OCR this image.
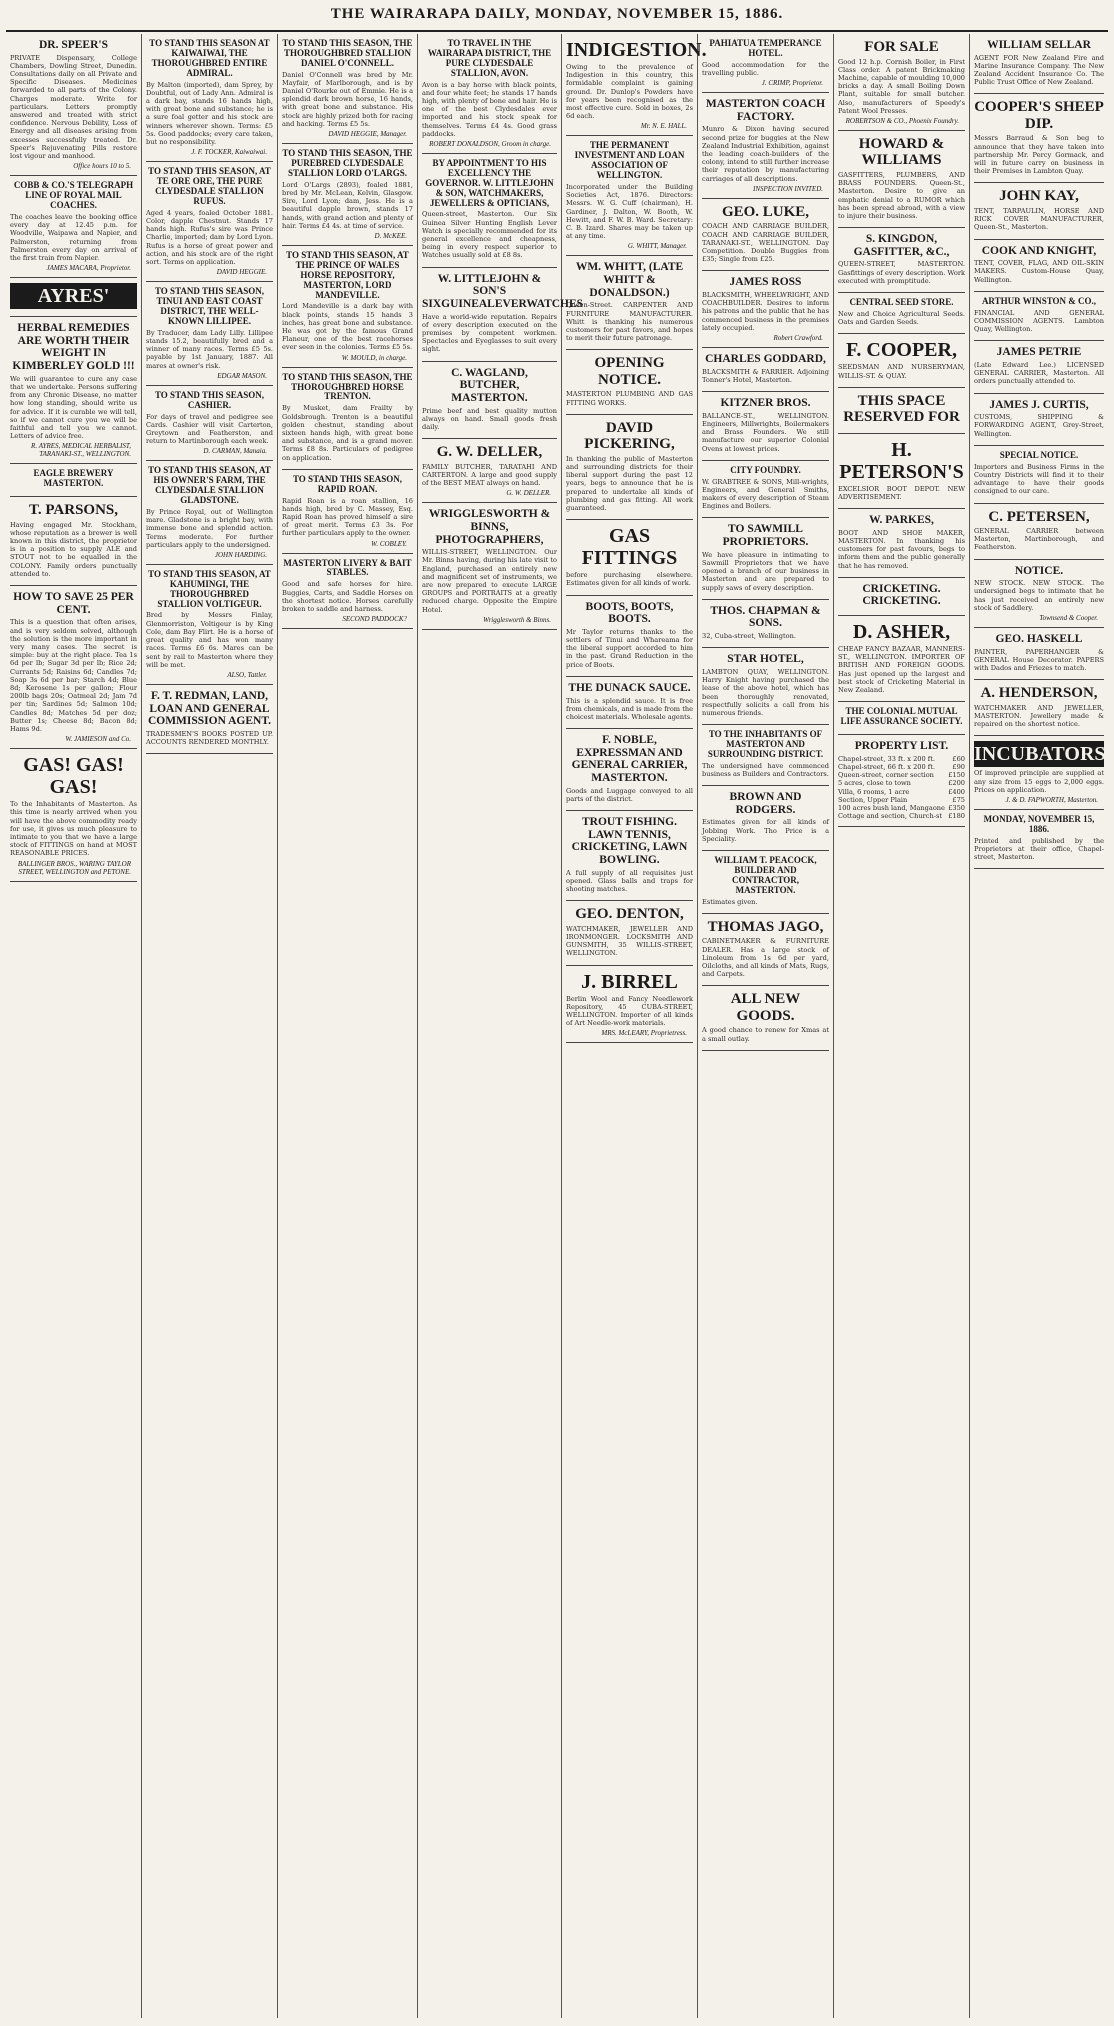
THE WAIRARAPA DAILY, MONDAY, NOVEMBER 15, 1886.
DR. SPEER'S
PRIVATE Dispensary, College Chambers, Dowling Street, Dunedin. Consultations daily on all Private and Specific Diseases. Medicines forwarded to all parts of the Colony. Charges moderate. Write for particulars. Letters promptly answered and treated with strict confidence. Nervous Debility, Loss of Energy and all diseases arising from excesses successfully treated. Dr. Speer's Rejuvenating Pills restore lost vigour and manhood.
Office hours 10 to 5.
COBB & CO.'S TELEGRAPH LINE OF ROYAL MAIL COACHES.
The coaches leave the booking office every day at 12.45 p.m. for Woodville, Waipawa and Napier, and Palmerston, returning from Palmerston every day on arrival of the first train from Napier.
JAMES MACARA, Proprietor.
AYRES'
HERBAL REMEDIES ARE WORTH THEIR WEIGHT IN KIMBERLEY GOLD !!!
We will guarantee to cure any case that we undertake. Persons suffering from any Chronic Disease, no matter how long standing, should write us for advice. If it is curable we will tell, so if we cannot cure you we will be faithful and tell you we cannot. Letters of advice free.
R. AYRES, MEDICAL HERBALIST, TARANAKI-ST., WELLINGTON.
EAGLE BREWERY MASTERTON.
T. PARSONS,
Having engaged Mr. Stockham, whose reputation as a brewer is well known in this district, the proprietor is in a position to supply ALE and STOUT not to be equalled in the COLONY. Family orders punctually attended to.
HOW TO SAVE 25 PER CENT.
This is a question that often arises, and is very seldom solved, although the solution is the more important in very many cases. The secret is simple: buy at the right place. Tea 1s 6d per lb; Sugar 3d per lb; Rice 2d; Currants 5d; Raisins 6d; Candles 7d; Soap 3s 6d per bar; Starch 4d; Blue 8d; Kerosene 1s per gallon; Flour 200lb bags 20s; Oatmeal 2d; Jam 7d per tin; Sardines 5d; Salmon 10d; Candles 8d; Matches 5d per doz; Butter 1s; Cheese 8d; Bacon 8d; Hams 9d.
W. JAMIESON and Co.
GAS! GAS! GAS!
To the Inhabitants of Masterton. As this time is nearly arrived when you will have the above commodity ready for use, it gives us much pleasure to intimate to you that we have a large stock of FITTINGS on hand at MOST REASONABLE PRICES.
BALLINGER BROS., WARING TAYLOR STREET, WELLINGTON and PETONE.
TO STAND THIS SEASON AT KAIWAIWAI, THE THOROUGHBRED ENTIRE ADMIRAL.
By Malton (imported), dam Sprey, by Doubtful, out of Lady Ann. Admiral is a dark bay, stands 16 hands high, with great bone and substance; he is a sure foal getter and his stock are winners wherever shown. Terms: £5 5s. Good paddocks; every care taken, but no responsibility.
J. F. TOCKER, Kaiwaiwai.
TO STAND THIS SEASON, AT TE ORE ORE, THE PURE CLYDESDALE STALLION RUFUS.
Aged 4 years, foaled October 1881. Color, dapple Chestnut. Stands 17 hands high. Rufus's sire was Prince Charlie, imported; dam by Lord Lyon. Rufus is a horse of great power and action, and his stock are of the right sort. Terms on application.
DAVID HEGGIE.
TO STAND THIS SEASON, TINUI AND EAST COAST DISTRICT, THE WELL-KNOWN LILLIPEE.
By Traducer, dam Lady Lilly. Lillipee stands 15.2, beautifully bred and a winner of many races. Terms £5 5s. payable by 1st January, 1887. All mares at owner's risk.
EDGAR MASON.
TO STAND THIS SEASON, CASHIER.
For days of travel and pedigree see Cards. Cashier will visit Carterton, Greytown and Featherston, and return to Martinborough each week.
D. CARMAN, Manaia.
TO STAND THIS SEASON, AT HIS OWNER'S FARM, THE CLYDESDALE STALLION GLADSTONE.
By Prince Royal, out of Wellington mare. Gladstone is a bright bay, with immense bone and splendid action. Terms moderate. For further particulars apply to the undersigned.
JOHN HARDING.
TO STAND THIS SEASON, AT KAHUMINGI, THE THOROUGHBRED STALLION VOLTIGEUR.
Bred by Messrs Finlay, Glenmorriston, Voltigeur is by King Cole, dam Bay Flirt. He is a horse of great quality and has won many races. Terms £6 6s. Mares can be sent by rail to Masterton where they will be met.
ALSO, Tattler.
F. T. REDMAN, LAND, LOAN AND GENERAL COMMISSION AGENT.
TRADESMEN'S BOOKS POSTED UP. ACCOUNTS RENDERED MONTHLY.
TO STAND THIS SEASON, THE THOROUGHBRED STALLION DANIEL O'CONNELL.
Daniel O'Connell was bred by Mr. Mayfair, of Marlborough, and is by Daniel O'Rourke out of Emmie. He is a splendid dark brown horse, 16 hands, with great bone and substance. His stock are highly prized both for racing and hacking. Terms £5 5s.
DAVID HEGGIE, Manager.
TO STAND THIS SEASON, THE PUREBRED CLYDESDALE STALLION LORD O'LARGS.
Lord O'Largs (2893), foaled 1881, bred by Mr. McLean, Kelvin, Glasgow. Sire, Lord Lyon; dam, Jess. He is a beautiful dapple brown, stands 17 hands, with grand action and plenty of hair. Terms £4 4s. at time of service.
D. McKEE.
TO STAND THIS SEASON, AT THE PRINCE OF WALES HORSE REPOSITORY, MASTERTON, LORD MANDEVILLE.
Lord Mandeville is a dark bay with black points, stands 15 hands 3 inches, has great bone and substance. He was got by the famous Grand Flaneur, one of the best racehorses ever seen in the colonies. Terms £5 5s.
W. MOULD, in charge.
TO STAND THIS SEASON, THE THOROUGHBRED HORSE TRENTON.
By Musket, dam Frailty by Goldsbrough. Trenton is a beautiful golden chestnut, standing about sixteen hands high, with great bone and substance, and is a grand mover. Terms £8 8s. Particulars of pedigree on application.
TO STAND THIS SEASON, RAPID ROAN.
Rapid Roan is a roan stallion, 16 hands high, bred by C. Massey, Esq. Rapid Roan has proved himself a sire of great merit. Terms £3 3s. For further particulars apply to the owner.
W. COBLEY.
MASTERTON LIVERY & BAIT STABLES.
Good and safe horses for hire. Buggies, Carts, and Saddle Horses on the shortest notice. Horses carefully broken to saddle and harness.
SECOND PADDOCK?
TO TRAVEL IN THE WAIRARAPA DISTRICT, THE PURE CLYDESDALE STALLION, AVON.
Avon is a bay horse with black points, and four white feet; he stands 17 hands high, with plenty of bone and hair. He is one of the best Clydesdales ever imported and his stock speak for themselves. Terms £4 4s. Good grass paddocks.
ROBERT DONALDSON, Groom in charge.
BY APPOINTMENT TO HIS EXCELLENCY THE GOVERNOR. W. LITTLEJOHN & SON, WATCHMAKERS, JEWELLERS & OPTICIANS,
Queen-street, Masterton. Our Six Guinea Silver Hunting English Lever Watch is specially recommended for its general excellence and cheapness, being in every respect superior to Watches usually sold at £8 8s.
W. LITTLEJOHN & SON'S SIXGUINEALEVERWATCHES
Have a world-wide reputation. Repairs of every description executed on the premises by competent workmen. Spectacles and Eyeglasses to suit every sight.
C. WAGLAND, BUTCHER, MASTERTON.
Prime beef and best quality mutton always on hand. Small goods fresh daily.
G. W. DELLER,
FAMILY BUTCHER, TARATAHI AND CARTERTON. A large and good supply of the BEST MEAT always on hand.
G. W. DELLER.
WRIGGLESWORTH & BINNS, PHOTOGRAPHERS,
WILLIS-STREET, WELLINGTON. Our Mr. Binns having, during his late visit to England, purchased an entirely new and magnificent set of instruments, we are now prepared to execute LARGE GROUPS and PORTRAITS at a greatly reduced charge. Opposite the Empire Hotel.
Wrigglesworth & Binns.
INDIGESTION.
Owing to the prevalence of Indigestion in this country, this formidable complaint is gaining ground. Dr. Dunlop's Powders have for years been recognised as the most effective cure. Sold in boxes, 2s 6d each.
Mr. N. E. HALL.
THE PERMANENT INVESTMENT AND LOAN ASSOCIATION OF WELLINGTON.
Incorporated under the Building Societies Act, 1876. Directors: Messrs. W. G. Cuff (chairman), H. Gardiner, J. Dalton, W. Booth, W. Hewitt, and F. W. B. Ward. Secretary: C. B. Izard. Shares may be taken up at any time.
G. WHITT, Manager.
WM. WHITT, (LATE WHITT & DONALDSON.)
Queen-Street. CARPENTER AND FURNITURE MANUFACTURER. Whitt is thanking his numerous customers for past favors, and hopes to merit their future patronage.
OPENING NOTICE.
MASTERTON PLUMBING AND GAS FITTING WORKS.
DAVID PICKERING,
In thanking the public of Masterton and surrounding districts for their liberal support during the past 12 years, begs to announce that he is prepared to undertake all kinds of plumbing and gas fitting. All work guaranteed.
GAS FITTINGS
before purchasing elsewhere. Estimates given for all kinds of work.
BOOTS, BOOTS, BOOTS.
Mr Taylor returns thanks to the settlers of Tinui and Whareama for the liberal support accorded to him in the past. Grand Reduction in the price of Boots.
THE DUNACK SAUCE.
This is a splendid sauce. It is free from chemicals, and is made from the choicest materials. Wholesale agents.
F. NOBLE, EXPRESSMAN AND GENERAL CARRIER, MASTERTON.
Goods and Luggage conveyed to all parts of the district.
TROUT FISHING. LAWN TENNIS, CRICKETING, LAWN BOWLING.
A full supply of all requisites just opened. Glass balls and traps for shooting matches.
GEO. DENTON,
WATCHMAKER, JEWELLER AND IRONMONGER. LOCKSMITH AND GUNSMITH, 35 WILLIS-STREET, WELLINGTON.
J. BIRREL
Berlin Wool and Fancy Needlework Repository, 45 CUBA-STREET, WELLINGTON. Importer of all kinds of Art Needle-work materials.
MRS. McLEARY, Proprietress.
PAHIATUA TEMPERANCE HOTEL.
Good accommodation for the travelling public.
J. CRIMP, Proprietor.
MASTERTON COACH FACTORY.
Munro & Dixon having secured second prize for buggies at the New Zealand Industrial Exhibition, against the leading coach-builders of the colony, intend to still further increase their reputation by manufacturing carriages of all descriptions.
INSPECTION INVITED.
GEO. LUKE,
COACH AND CARRIAGE BUILDER, COACH AND CARRIAGE BUILDER, TARANAKI-ST., WELLINGTON. Day Competition. Double Buggies from £35; Single from £25.
JAMES ROSS
BLACKSMITH, WHEELWRIGHT, AND COACHBUILDER. Desires to inform his patrons and the public that he has commenced business in the premises lately occupied.
Robert Crawford.
CHARLES GODDARD,
BLACKSMITH & FARRIER. Adjoining Tonner's Hotel, Masterton.
KITZNER BROS.
BALLANCE-ST., WELLINGTON. Engineers, Millwrights, Boilermakers and Brass Founders. We still manufacture our superior Colonial Ovens at lowest prices.
CITY FOUNDRY.
W. GRABTREE & SONS, Mill-wrights, Engineers, and General Smiths, makers of every description of Steam Engines and Boilers.
TO SAWMILL PROPRIETORS.
We have pleasure in intimating to Sawmill Proprietors that we have opened a branch of our business in Masterton and are prepared to supply saws of every description.
THOS. CHAPMAN & SONS.
32, Cuba-street, Wellington.
STAR HOTEL,
LAMBTON QUAY, WELLINGTON. Harry Knight having purchased the lease of the above hotel, which has been thoroughly renovated, respectfully solicits a call from his numerous friends.
TO THE INHABITANTS OF MASTERTON AND SURROUNDING DISTRICT.
The undersigned have commenced business as Builders and Contractors.
BROWN AND RODGERS.
Estimates given for all kinds of Jobbing Work. Tho Price is a Speciality.
WILLIAM T. PEACOCK, BUILDER AND CONTRACTOR, MASTERTON.
Estimates given.
THOMAS JAGO,
CABINETMAKER & FURNITURE DEALER. Has a large stock of Linoleum from 1s 6d per yard, Oilcloths, and all kinds of Mats, Rugs, and Carpets.
ALL NEW GOODS.
A good chance to renew for Xmas at a small outlay.
FOR SALE
Good 12 h.p. Cornish Boiler, in First Class order. A patent Brickmaking Machine, capable of moulding 10,000 bricks a day. A small Boiling Down Plant, suitable for small butcher. Also, manufacturers of Speedy's Patent Wool Presses.
ROBERTSON & CO., Phoenix Foundry.
HOWARD & WILLIAMS
GASFITTERS, PLUMBERS, AND BRASS FOUNDERS. Queen-St., Masterton. Desire to give an emphatic denial to a RUMOR which has been spread abroad, with a view to injure their business.
S. KINGDON, GASFITTER, &C.,
QUEEN-STREET, MASTERTON. Gasfittings of every description. Work executed with promptitude.
CENTRAL SEED STORE.
New and Choice Agricultural Seeds. Oats and Garden Seeds.
F. COOPER,
SEEDSMAN AND NURSERYMAN, WILLIS-ST. & QUAY.
THIS SPACE RESERVED FOR
H. PETERSON'S
EXCELSIOR BOOT DEPOT. NEW ADVERTISEMENT.
W. PARKES,
BOOT AND SHOE MAKER, MASTERTON. In thanking his customers for past favours, begs to inform them and the public generally that he has removed.
CRICKETING. CRICKETING.
D. ASHER,
CHEAP FANCY BAZAAR, MANNERS-ST., WELLINGTON. IMPORTER OF BRITISH AND FOREIGN GOODS. Has just opened up the largest and best stock of Cricketing Material in New Zealand.
THE COLONIAL MUTUAL LIFE ASSURANCE SOCIETY.
PROPERTY LIST.
Chapel-street, 33 ft. x 200 ft.	£60
Chapel-street, 66 ft. x 200 ft.	£90
Queen-street, corner section £150
5 acres, close to town	£200
Villa, 6 rooms, 1 acre	£400
Section, Upper Plain	£75
100 acres bush land, Mangaone £350
Cottage and section, Church-st £180
WILLIAM SELLAR
AGENT FOR New Zealand Fire and Marine Insurance Company. The New Zealand Accident Insurance Co. The Public Trust Office of New Zealand.
COOPER'S SHEEP DIP.
Messrs Barraud & Son beg to announce that they have taken into partnership Mr. Percy Gormack, and will in future carry on business in their Premises in Lambton Quay.
JOHN KAY,
TENT, TARPAULIN, HORSE AND RICK COVER MANUFACTURER, Queen-St., Masterton.
COOK AND KNIGHT,
TENT, COVER, FLAG, AND OIL-SKIN MAKERS. Custom-House Quay, Wellington.
ARTHUR WINSTON & CO.,
FINANCIAL AND GENERAL COMMISSION AGENTS. Lambton Quay, Wellington.
JAMES PETRIE
(Late Edward Lee.) LICENSED GENERAL CARRIER, Masterton. All orders punctually attended to.
JAMES J. CURTIS,
CUSTOMS, SHIPPING & FORWARDING AGENT, Grey-Street, Wellington.
SPECIAL NOTICE.
Importers and Business Firms in the Country Districts will find it to their advantage to have their goods consigned to our care.
C. PETERSEN,
GENERAL CARRIER between Masterton, Martinborough, and Featherston.
NOTICE.
NEW STOCK. NEW STOCK. The undersigned begs to intimate that he has just received an entirely new stock of Saddlery.
Townsend & Cooper.
GEO. HASKELL
PAINTER, PAPERHANGER & GENERAL House Decorator. PAPERS with Dados and Friezes to match.
A. HENDERSON,
WATCHMAKER AND JEWELLER, MASTERTON. Jewellery made & repaired on the shortest notice.
INCUBATORS
Of improved principle are supplied at any size from 15 eggs to 2,000 eggs. Prices on application.
J. & D. FAPWORTH, Masterton.
MONDAY, NOVEMBER 15, 1886.
Printed and published by the Proprietors at their office, Chapel-street, Masterton.
